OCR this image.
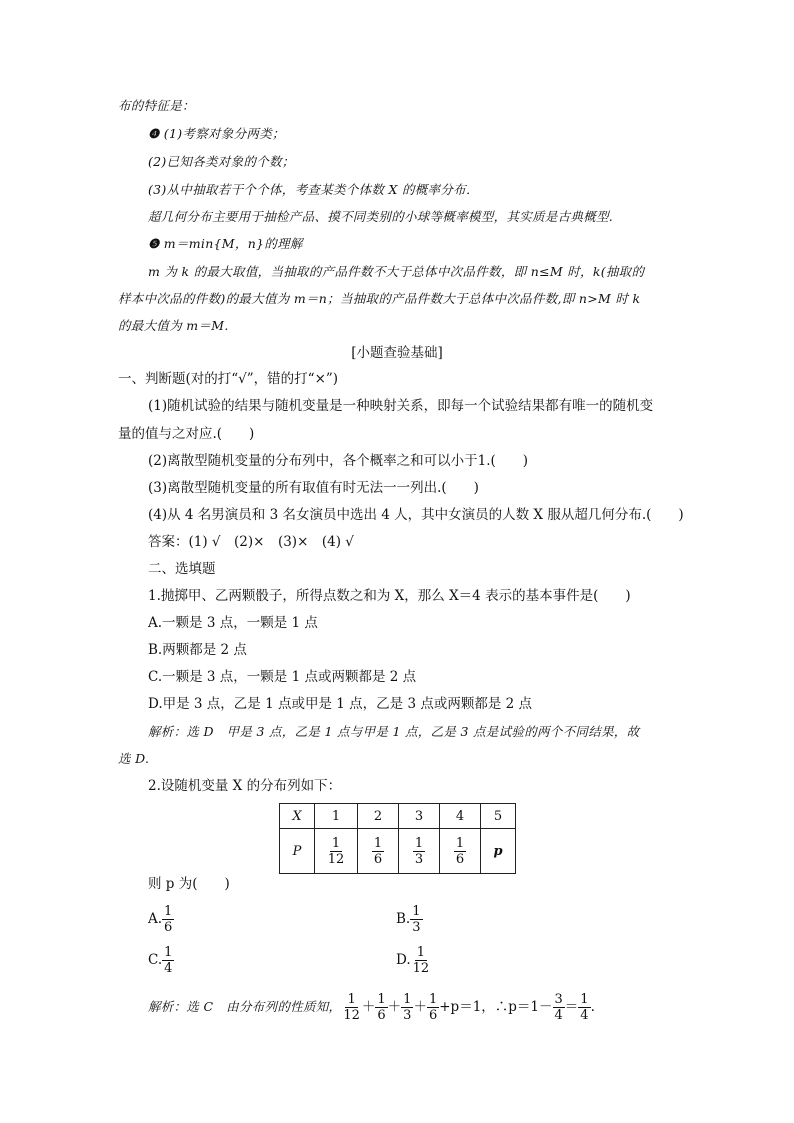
布的特征是：
❹ (1)考察对象分两类；
(2)已知各类对象的个数；
(3)从中抽取若干个个体，考查某类个体数 X 的概率分布．
超几何分布主要用于抽检产品、摸不同类别的小球等概率模型，其实质是古典概型.
❺ m＝min{M，n}的理解
m 为 k 的最大取值，当抽取的产品件数不大于总体中次品件数，即 n≤M 时，k(抽取的
样本中次品的件数)的最大值为 m＝n；当抽取的产品件数大于总体中次品件数,即 n>M 时 k
的最大值为 m＝M.
[小题查验基础]
一、判断题(对的打“√”，错的打“×”)
(1)随机试验的结果与随机变量是一种映射关系，即每一个试验结果都有唯一的随机变
量的值与之对应.(　　)
(2)离散型随机变量的分布列中，各个概率之和可以小于1.(　　)
(3)离散型随机变量的所有取值有时无法一一列出.(　　)
(4)从 4 名男演员和 3 名女演员中选出 4 人，其中女演员的人数 X 服从超几何分布.(　　)
答案：(1) √　(2)×　(3)×　(4) √
二、选填题
1.抛掷甲、乙两颗骰子，所得点数之和为 X，那么 X＝4 表示的基本事件是(　　)
A.一颗是 3 点，一颗是 1 点
B.两颗都是 2 点
C.一颗是 3 点，一颗是 1 点或两颗都是 2 点
D.甲是 3 点，乙是 1 点或甲是 1 点，乙是 3 点或两颗都是 2 点
解析：选 D　甲是 3 点，乙是 1 点与甲是 1 点，乙是 3 点是试验的两个不同结果，故
选 D.
2.设随机变量 X 的分布列如下：
X	1	2	3	4	5
P	$\frac{1}{12}$	$\frac{1}{6}$	$\frac{1}{3}$	$\frac{1}{6}$	p
则 p 为(　　)
A. $\frac{1}{6}$	B. $\frac{1}{3}$
C. $\frac{1}{4}$	D. $\frac{1}{12}$
解析：选 C　由分布列的性质知， $\frac{1}{12} + \frac{1}{6} + \frac{1}{3} + \frac{1}{6} +p=1$，∴p＝1－ $\frac{3}{4} = \frac{1}{4}$ .
